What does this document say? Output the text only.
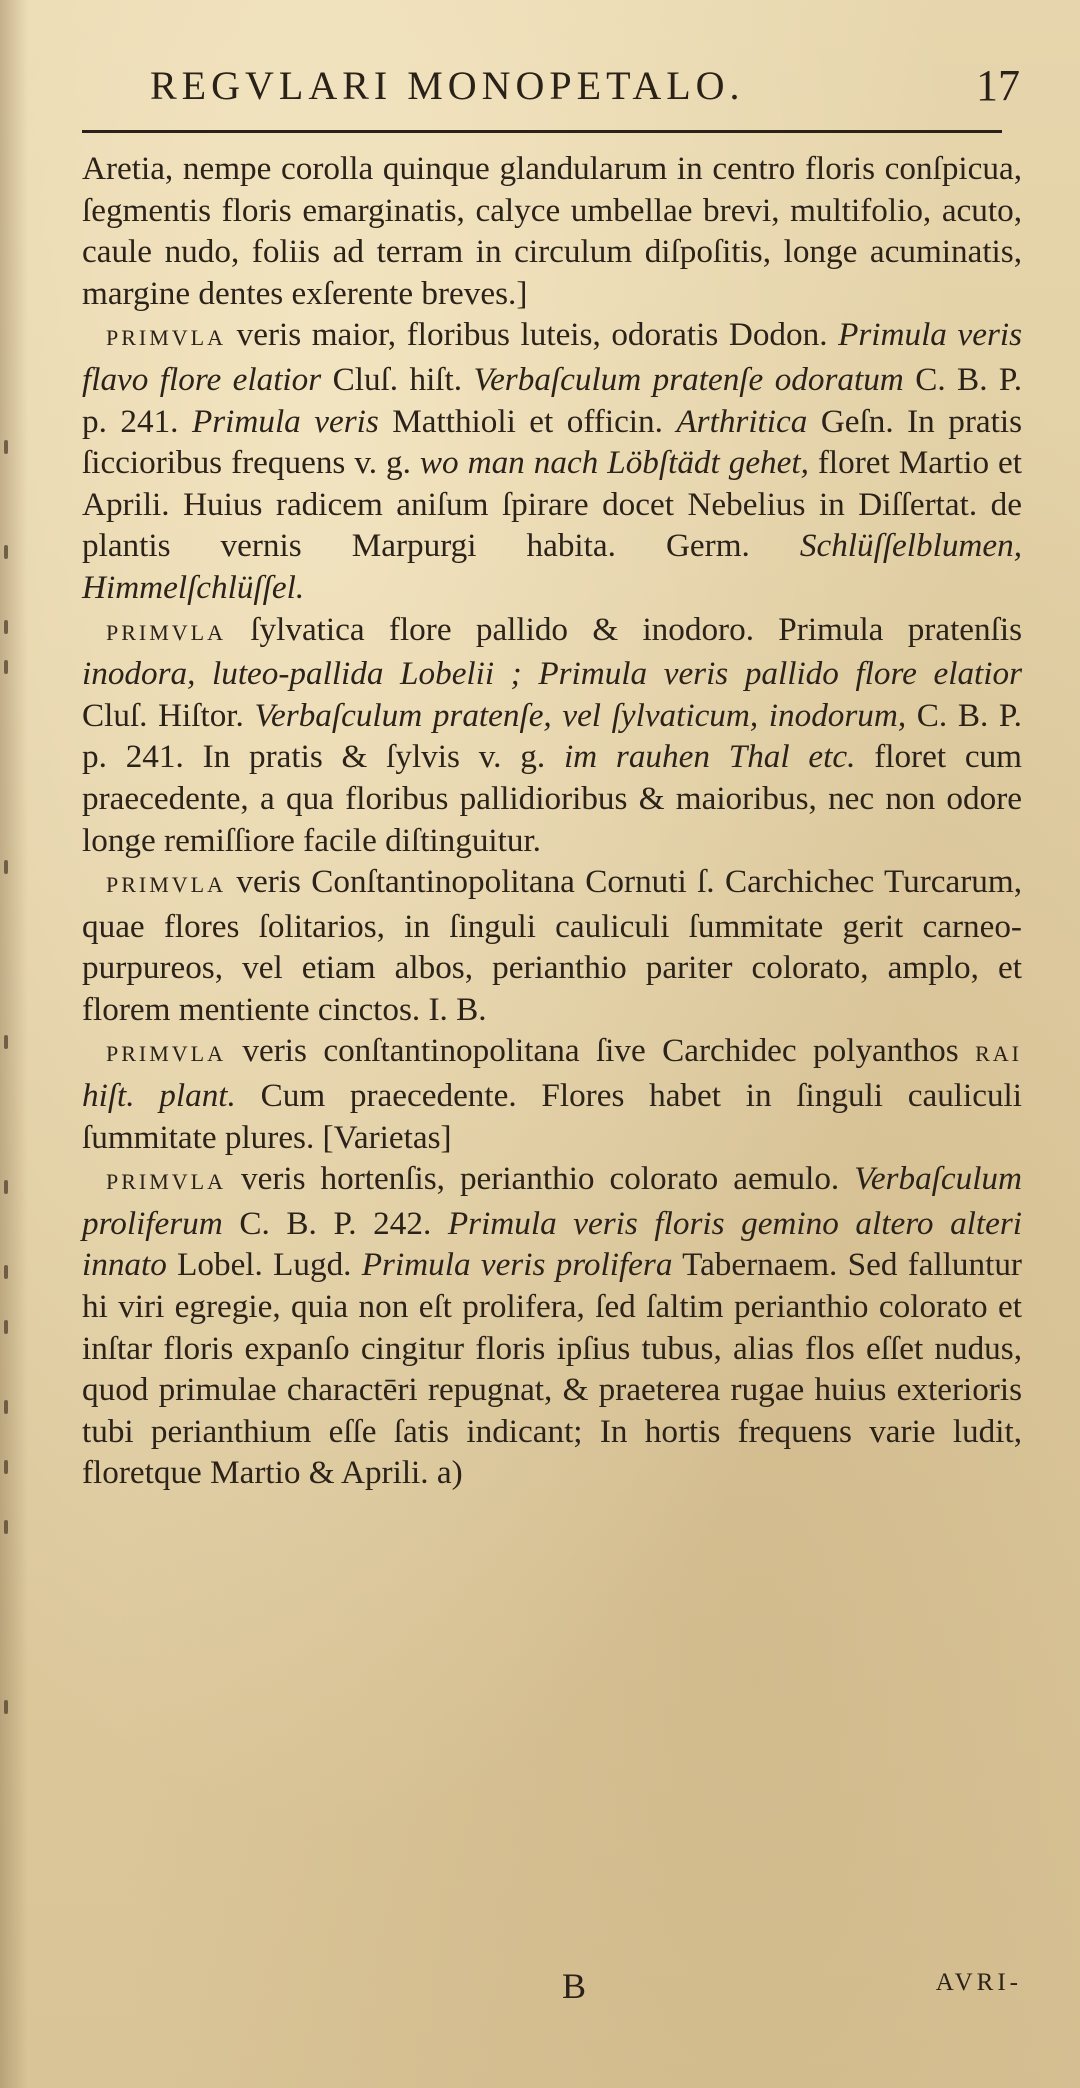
REGVLARI MONOPETALO.	17

Aretia, nempe corolla quinque glandularum in centro floris conſpicua, ſegmentis floris emarginatis, calyce umbellae brevi, multifolio, acuto, caule nudo, foliis ad terram in circulum diſpoſitis, longe acuminatis, margine dentes exſerente breves.]

PRIMVLA veris maior, floribus luteis, odoratis Dodon. Primula veris flavo flore elatior Cluſ. hiſt. Verbaſculum pratenſe odoratum C. B. P. p. 241. Primula veris Matthioli et officin. Arthritica Geſn. In pratis ſiccioribus frequens v. g. wo man nach Löbſtädt gehet, floret Martio et Aprili. Huius radicem aniſum ſpirare docet Nebelius in Diſſertat. de plantis vernis Marpurgi habita. Germ. Schlüſſelblumen, Himmelſchlüſſel.

PRIMVLA ſylvatica flore pallido & inodoro. Primula pratenſis inodora, luteo-pallida Lobelii ; Primula veris pallido flore elatior Cluſ. Hiſtor. Verbaſculum pratenſe, vel ſylvaticum, inodorum, C. B. P. p. 241. In pratis & ſylvis v. g. im rauhen Thal etc. floret cum praecedente, a qua floribus pallidioribus & maioribus, nec non odore longe remiſſiore facile diſtinguitur.

PRIMVLA veris Conſtantinopolitana Cornuti ſ. Carchichec Turcarum, quae flores ſolitarios, in ſinguli cauliculi ſummitate gerit carneo-purpureos, vel etiam albos, perianthio pariter colorato, amplo, et florem mentiente cinctos. I. B.

PRIMVLA veris conſtantinopolitana ſive Carchidec polyanthos RAI hiſt. plant. Cum praecedente. Flores habet in ſinguli cauliculi ſummitate plures. [Varietas]

PRIMVLA veris hortenſis, perianthio colorato aemulo. Verbaſculum proliferum C. B. P. 242. Primula veris floris gemino altero alteri innato Lobel. Lugd. Primula veris prolifera Tabernaem. Sed falluntur hi viri egregie, quia non eſt prolifera, ſed ſaltim perianthio colorato et inſtar floris expanſo cingitur floris ipſius tubus, alias flos eſſet nudus, quod primulae charactēri repugnat, & praeterea rugae huius exterioris tubi perianthium eſſe ſatis indicant; In hortis frequens varie ludit, floretque Martio & Aprili. a)

B	AVRI-
